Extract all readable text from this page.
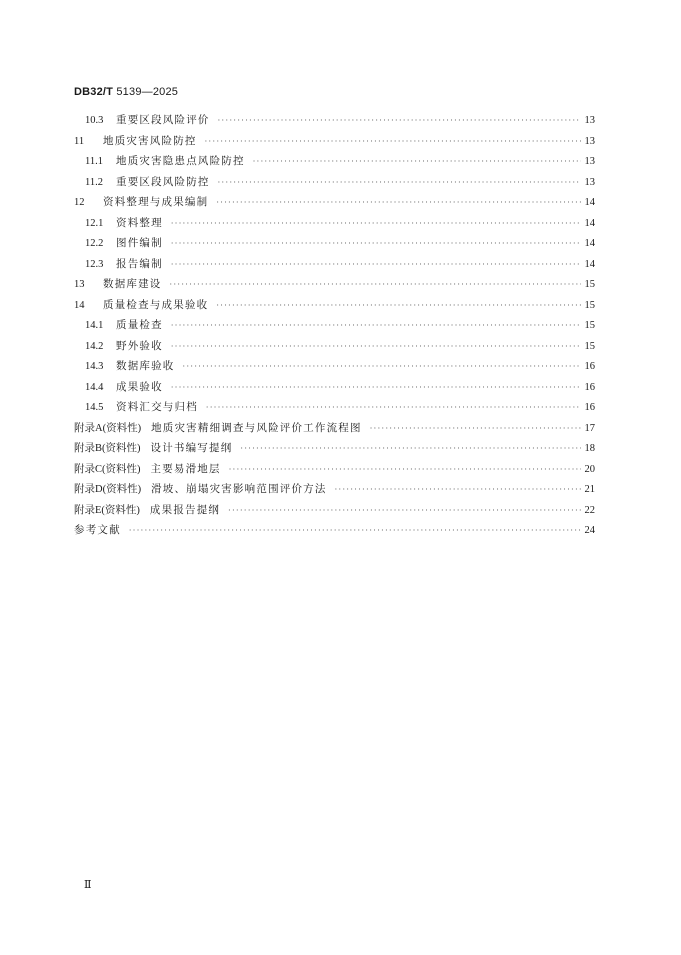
DB32/T 5139—2025
10.3	重要区段风险评价 ·····	13
11	地质灾害风险防控 ·····	13
11.1	地质灾害隐患点风险防控 ·····	13
11.2	重要区段风险防控 ·····	13
12	资料整理与成果编制 ·····	14
12.1	资料整理 ·····	14
12.2	图件编制 ·····	14
12.3	报告编制 ·····	14
13	数据库建设 ·····	15
14	质量检查与成果验收 ·····	15
14.1	质量检查 ·····	15
14.2	野外验收 ·····	15
14.3	数据库验收 ·····	16
14.4	成果验收 ·····	16
14.5	资料汇交与归档 ·····	16
附录A(资料性) 地质灾害精细调查与风险评价工作流程图 ·····	17
附录B(资料性) 设计书编写提纲 ·····	18
附录C(资料性) 主要易滑地层 ·····	20
附录D(资料性) 滑坡、崩塌灾害影响范围评价方法 ·····	21
附录E(资料性) 成果报告提纲 ·····	22
参考文献 ·····	24
Ⅱ
